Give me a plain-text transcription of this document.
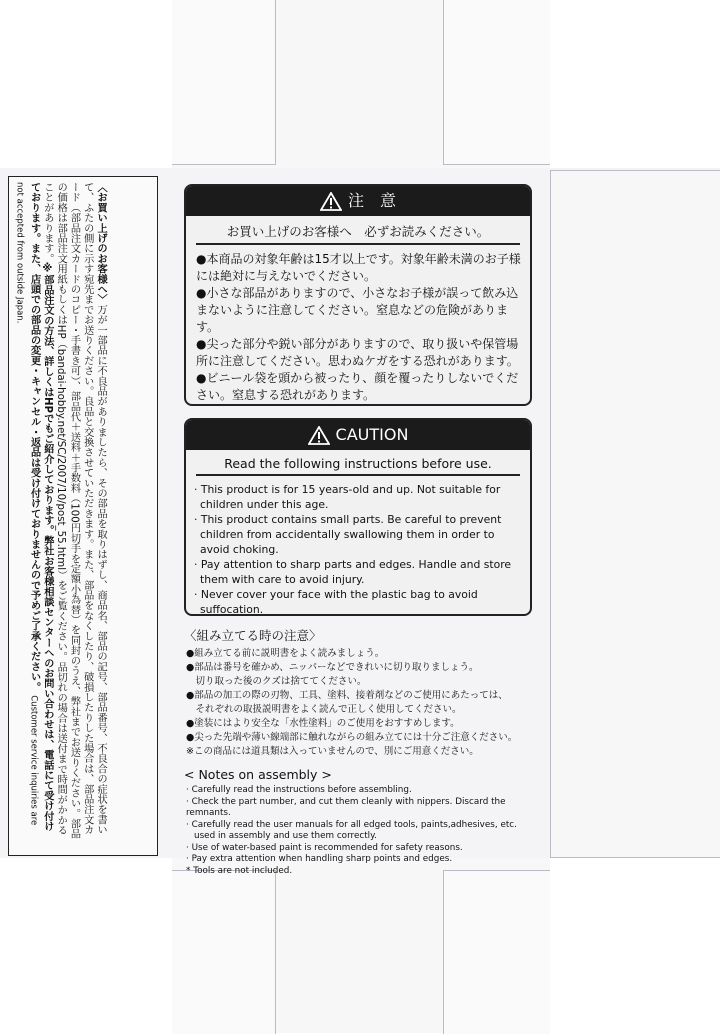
〈お買い上げのお客様へ〉万が一部品に不良品がありましたら、その部品を取りはずし、商品名、部品の記号、部品番号、不良合の症状を書いて、ふたの側に示す宛先までお送りください。良品と交換させていただきます。また、部品をなくしたり、破損したりした場合は、部品注文カード（部品注文カードのコピー・手書き可）、部品代＋送料＋手数料（100円切手を定額小為替）を同封のうえ、弊社までお送りください。部品の価格は部品注文用紙もしくはHP（bandai-hobby.net/SC/2007/10/post_55.html）をご覧ください。品切れの場合は送付まで時間がかかることがあります。※部品注文の方法、詳しくはHPでもご紹介しております。弊社お客様相談センターへのお問い合わせは、電話にて受け付けております。また、店頭での部品の変更・キャンセル・返品は受け付けておりませんので予めご了承ください。 Customer service inquiries are not accepted from outside Japan.	注　意
お買い上げのお客様へ　必ずお読みください。
●本商品の対象年齢は15才以上です。対象年齢未満のお子様には絶対に与えないでください。
●小さな部品がありますので、小さなお子様が誤って飲み込まないように注意してください。窒息などの危険があります。
●尖った部分や鋭い部分がありますので、取り扱いや保管場所に注意してください。思わぬケガをする恐れがあります。
●ビニール袋を頭から被ったり、顔を覆ったりしないでください。窒息する恐れがあります。
CAUTION
Read the following instructions before use.
· This product is for 15 years-old and up. Not suitable for children under this age.
· This product contains small parts. Be careful to prevent children from accidentally swallowing them in order to avoid choking.
· Pay attention to sharp parts and edges. Handle and store them with care to avoid injury.
· Never cover your face with the plastic bag to avoid suffocation.
〈組み立てる時の注意〉
●組み立てる前に説明書をよく読みましょう。
●部品は番号を確かめ、ニッパーなどできれいに切り取りましょう。
　切り取った後のクズは捨ててください。
●部品の加工の際の刃物、工具、塗料、接着剤などのご使用にあたっては、
　それぞれの取扱説明書をよく読んで正しく使用してください。
●塗装にはより安全な「水性塗料」のご使用をおすすめします。
●尖った先端や薄い線端部に触れながらの組み立てには十分ご注意ください。
※この商品には道具類は入っていませんので、別にご用意ください。
< Notes on assembly >
· Carefully read the instructions before assembling.
· Check the part number, and cut them cleanly with nippers. Discard the remnants.
· Carefully read the user manuals for all edged tools, paints,adhesives, etc.
used in assembly and use them correctly.
· Use of water-based paint is recommended for safety reasons.
· Pay extra attention when handling sharp points and edges.
* Tools are not included.
